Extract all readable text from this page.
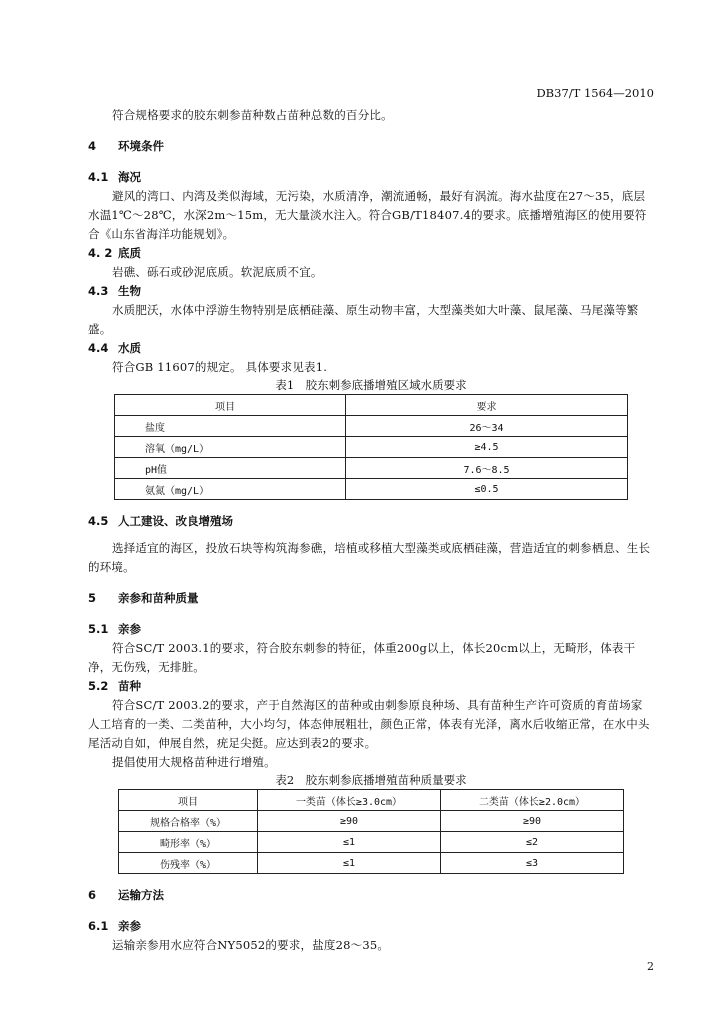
DB37/T 1564—2010

符合规格要求的胶东刺参苗种数占苗种总数的百分比。

4 环境条件

4.1 海况

避风的湾口、内湾及类似海域，无污染，水质清净，潮流通畅，最好有涡流。海水盐度在27～35，底层水温1℃～28℃，水深2m～15m，无大量淡水注入。符合GB/T18407.4的要求。底播增殖海区的使用要符合《山东省海洋功能规划》。

4. 2 底质

岩礁、砾石或砂泥底质。软泥底质不宜。

4.3 生物

水质肥沃，水体中浮游生物特别是底栖硅藻、原生动物丰富，大型藻类如大叶藻、鼠尾藻、马尾藻等繁盛。

4.4 水质

符合GB 11607的规定。 具体要求见表1.

表1　胶东刺参底播增殖区域水质要求

项目	要求
盐度	26～34
溶氧（mg/L）	≥4.5
pH值	7.6～8.5
氨氮（mg/L）	≤0.5

4.5 人工建设、改良增殖场

选择适宜的海区，投放石块等构筑海参礁，培植或移植大型藻类或底栖硅藻，营造适宜的刺参栖息、生长的环境。

5 亲参和苗种质量

5.1 亲参

符合SC/T 2003.1的要求，符合胶东刺参的特征，体重200g以上，体长20cm以上，无畸形，体表干净，无伤残，无排脏。

5.2 苗种

符合SC/T 2003.2的要求，产于自然海区的苗种或由刺参原良种场、具有苗种生产许可资质的育苗场家人工培育的一类、二类苗种，大小均匀，体态伸展粗壮，颜色正常，体表有光泽，离水后收缩正常，在水中头尾活动自如，伸展自然，疣足尖挺。应达到表2的要求。

提倡使用大规格苗种进行增殖。

表2　胶东刺参底播增殖苗种质量要求

项目	一类苗（体长≥3.0cm）	二类苗（体长≥2.0cm）
规格合格率（%）	≥90	≥90
畸形率（%）	≤1	≤2
伤残率（%）	≤1	≤3

6 运输方法

6.1 亲参

运输亲参用水应符合NY5052的要求，盐度28～35。

2
